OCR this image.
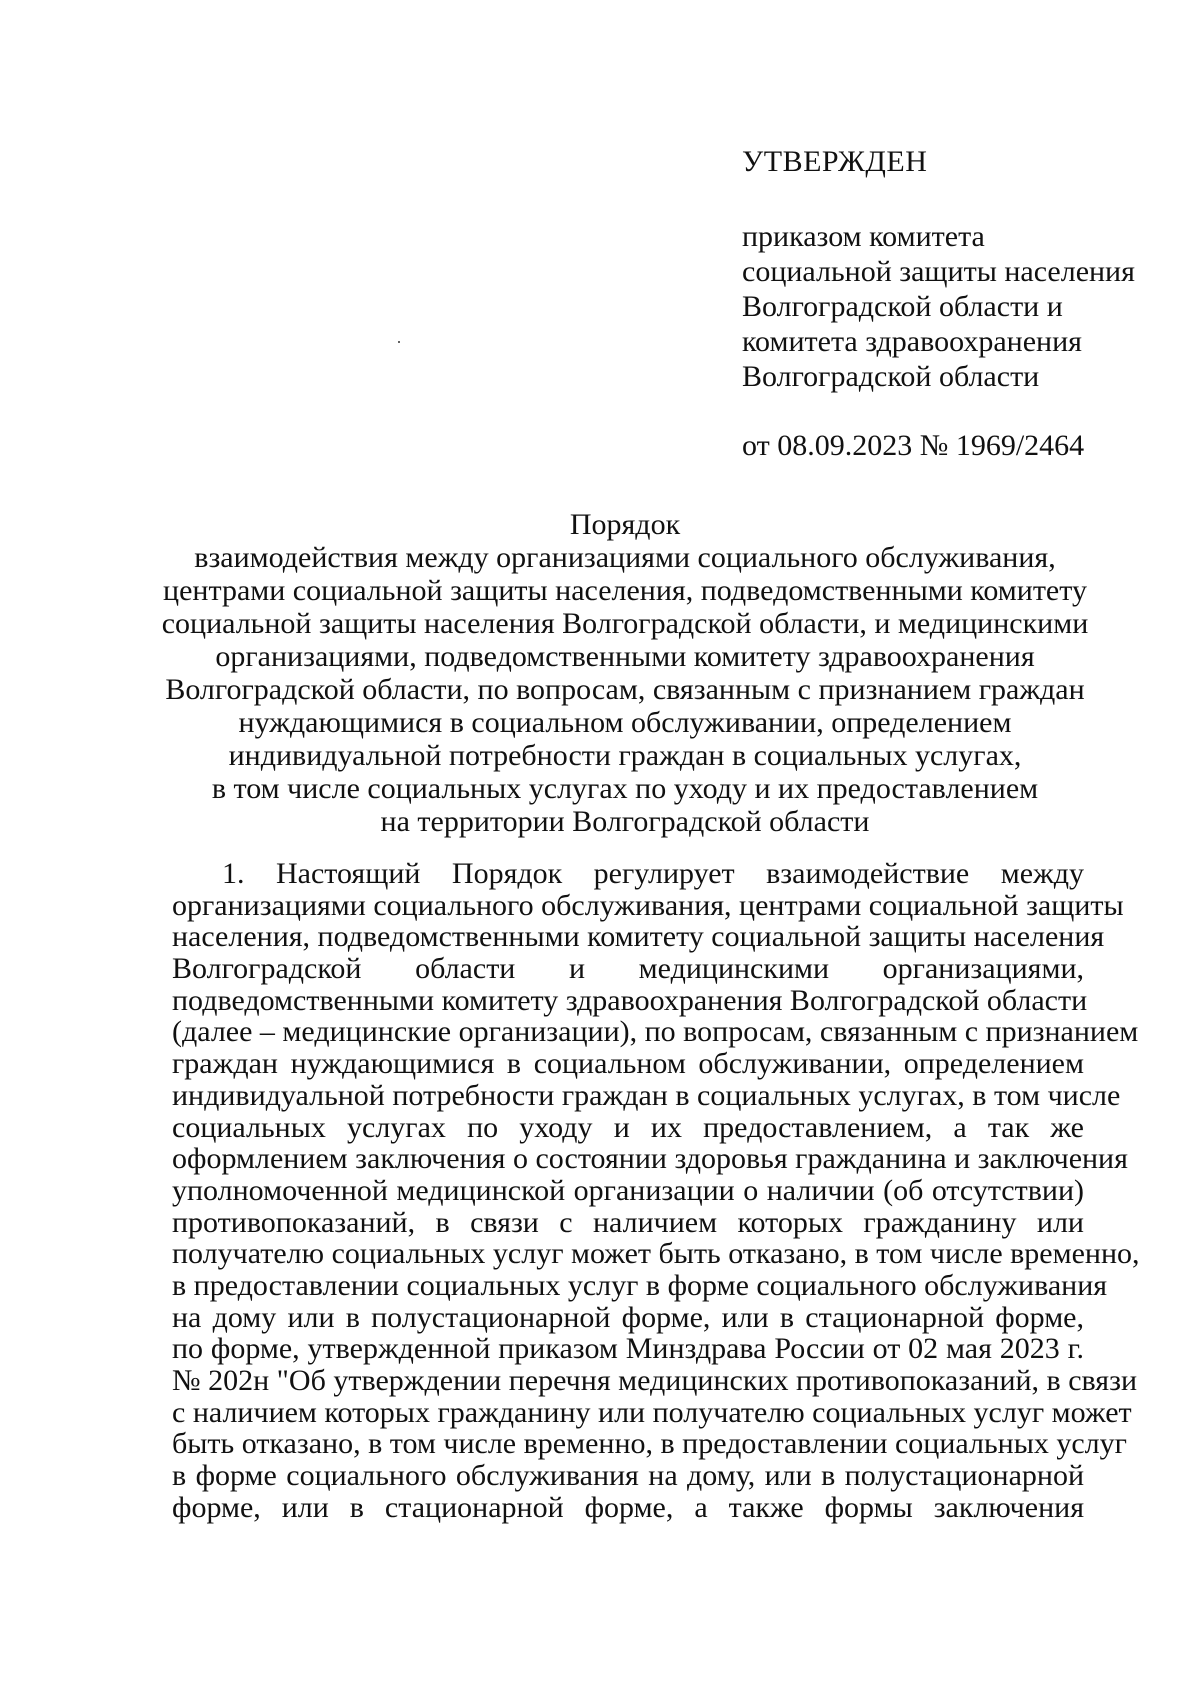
УТВЕРЖДЕН
приказом комитета
социальной защиты населения
Волгоградской области и
комитета здравоохранения
Волгоградской области
от 08.09.2023 № 1969/2464
Порядок
взаимодействия между организациями социального обслуживания,
центрами социальной защиты населения, подведомственными комитету
социальной защиты населения Волгоградской области, и медицинскими
организациями, подведомственными комитету здравоохранения
Волгоградской области, по вопросам, связанным с признанием граждан
нуждающимися в социальном обслуживании, определением
индивидуальной потребности граждан в социальных услугах,
в том числе социальных услугах по уходу и их предоставлением
на территории Волгоградской области
1. Настоящий Порядок регулирует взаимодействие между
организациями социального обслуживания, центрами социальной защиты
населения, подведомственными комитету социальной защиты населения
Волгоградской области и медицинскими организациями,
подведомственными комитету здравоохранения Волгоградской области
(далее – медицинские организации), по вопросам, связанным с признанием
граждан нуждающимися в социальном обслуживании, определением
индивидуальной потребности граждан в социальных услугах, в том числе
социальных услугах по уходу и их предоставлением, а так же
оформлением заключения о состоянии здоровья гражданина и заключения
уполномоченной медицинской организации о наличии (об отсутствии)
противопоказаний, в связи с наличием которых гражданину или
получателю социальных услуг может быть отказано, в том числе временно,
в предоставлении социальных услуг в форме социального обслуживания
на дому или в полустационарной форме, или в стационарной форме,
по форме, утвержденной приказом Минздрава России от 02 мая 2023 г.
№ 202н "Об утверждении перечня медицинских противопоказаний, в связи
с наличием которых гражданину или получателю социальных услуг может
быть отказано, в том числе временно, в предоставлении социальных услуг
в форме социального обслуживания на дому, или в полустационарной
форме, или в стационарной форме, а также формы заключения
